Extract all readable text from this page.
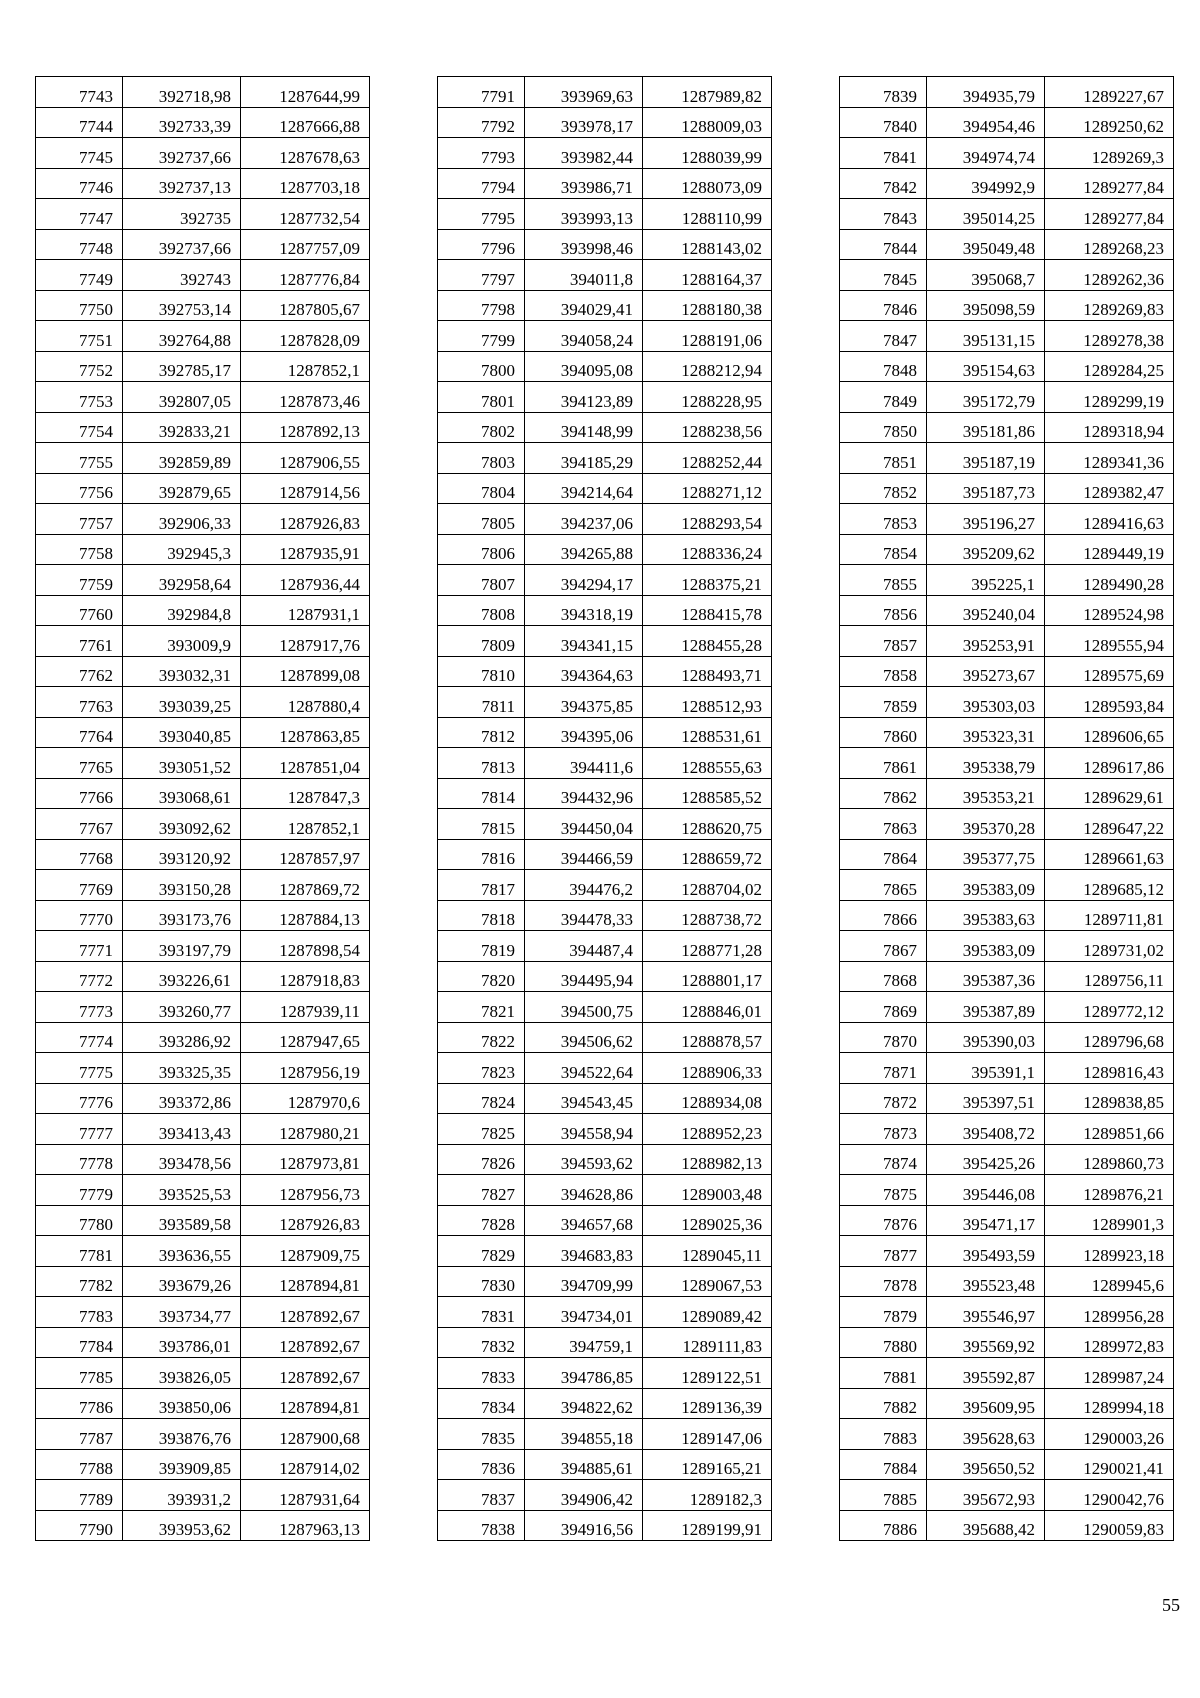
7743	392718,98	1287644,99
7744	392733,39	1287666,88
7745	392737,66	1287678,63
7746	392737,13	1287703,18
7747	392735	1287732,54
7748	392737,66	1287757,09
7749	392743	1287776,84
7750	392753,14	1287805,67
7751	392764,88	1287828,09
7752	392785,17	1287852,1
7753	392807,05	1287873,46
7754	392833,21	1287892,13
7755	392859,89	1287906,55
7756	392879,65	1287914,56
7757	392906,33	1287926,83
7758	392945,3	1287935,91
7759	392958,64	1287936,44
7760	392984,8	1287931,1
7761	393009,9	1287917,76
7762	393032,31	1287899,08
7763	393039,25	1287880,4
7764	393040,85	1287863,85
7765	393051,52	1287851,04
7766	393068,61	1287847,3
7767	393092,62	1287852,1
7768	393120,92	1287857,97
7769	393150,28	1287869,72
7770	393173,76	1287884,13
7771	393197,79	1287898,54
7772	393226,61	1287918,83
7773	393260,77	1287939,11
7774	393286,92	1287947,65
7775	393325,35	1287956,19
7776	393372,86	1287970,6
7777	393413,43	1287980,21
7778	393478,56	1287973,81
7779	393525,53	1287956,73
7780	393589,58	1287926,83
7781	393636,55	1287909,75
7782	393679,26	1287894,81
7783	393734,77	1287892,67
7784	393786,01	1287892,67
7785	393826,05	1287892,67
7786	393850,06	1287894,81
7787	393876,76	1287900,68
7788	393909,85	1287914,02
7789	393931,2	1287931,64
7790	393953,62	1287963,13
7791	393969,63	1287989,82
7792	393978,17	1288009,03
7793	393982,44	1288039,99
7794	393986,71	1288073,09
7795	393993,13	1288110,99
7796	393998,46	1288143,02
7797	394011,8	1288164,37
7798	394029,41	1288180,38
7799	394058,24	1288191,06
7800	394095,08	1288212,94
7801	394123,89	1288228,95
7802	394148,99	1288238,56
7803	394185,29	1288252,44
7804	394214,64	1288271,12
7805	394237,06	1288293,54
7806	394265,88	1288336,24
7807	394294,17	1288375,21
7808	394318,19	1288415,78
7809	394341,15	1288455,28
7810	394364,63	1288493,71
7811	394375,85	1288512,93
7812	394395,06	1288531,61
7813	394411,6	1288555,63
7814	394432,96	1288585,52
7815	394450,04	1288620,75
7816	394466,59	1288659,72
7817	394476,2	1288704,02
7818	394478,33	1288738,72
7819	394487,4	1288771,28
7820	394495,94	1288801,17
7821	394500,75	1288846,01
7822	394506,62	1288878,57
7823	394522,64	1288906,33
7824	394543,45	1288934,08
7825	394558,94	1288952,23
7826	394593,62	1288982,13
7827	394628,86	1289003,48
7828	394657,68	1289025,36
7829	394683,83	1289045,11
7830	394709,99	1289067,53
7831	394734,01	1289089,42
7832	394759,1	1289111,83
7833	394786,85	1289122,51
7834	394822,62	1289136,39
7835	394855,18	1289147,06
7836	394885,61	1289165,21
7837	394906,42	1289182,3
7838	394916,56	1289199,91
7839	394935,79	1289227,67
7840	394954,46	1289250,62
7841	394974,74	1289269,3
7842	394992,9	1289277,84
7843	395014,25	1289277,84
7844	395049,48	1289268,23
7845	395068,7	1289262,36
7846	395098,59	1289269,83
7847	395131,15	1289278,38
7848	395154,63	1289284,25
7849	395172,79	1289299,19
7850	395181,86	1289318,94
7851	395187,19	1289341,36
7852	395187,73	1289382,47
7853	395196,27	1289416,63
7854	395209,62	1289449,19
7855	395225,1	1289490,28
7856	395240,04	1289524,98
7857	395253,91	1289555,94
7858	395273,67	1289575,69
7859	395303,03	1289593,84
7860	395323,31	1289606,65
7861	395338,79	1289617,86
7862	395353,21	1289629,61
7863	395370,28	1289647,22
7864	395377,75	1289661,63
7865	395383,09	1289685,12
7866	395383,63	1289711,81
7867	395383,09	1289731,02
7868	395387,36	1289756,11
7869	395387,89	1289772,12
7870	395390,03	1289796,68
7871	395391,1	1289816,43
7872	395397,51	1289838,85
7873	395408,72	1289851,66
7874	395425,26	1289860,73
7875	395446,08	1289876,21
7876	395471,17	1289901,3
7877	395493,59	1289923,18
7878	395523,48	1289945,6
7879	395546,97	1289956,28
7880	395569,92	1289972,83
7881	395592,87	1289987,24
7882	395609,95	1289994,18
7883	395628,63	1290003,26
7884	395650,52	1290021,41
7885	395672,93	1290042,76
7886	395688,42	1290059,83
55
